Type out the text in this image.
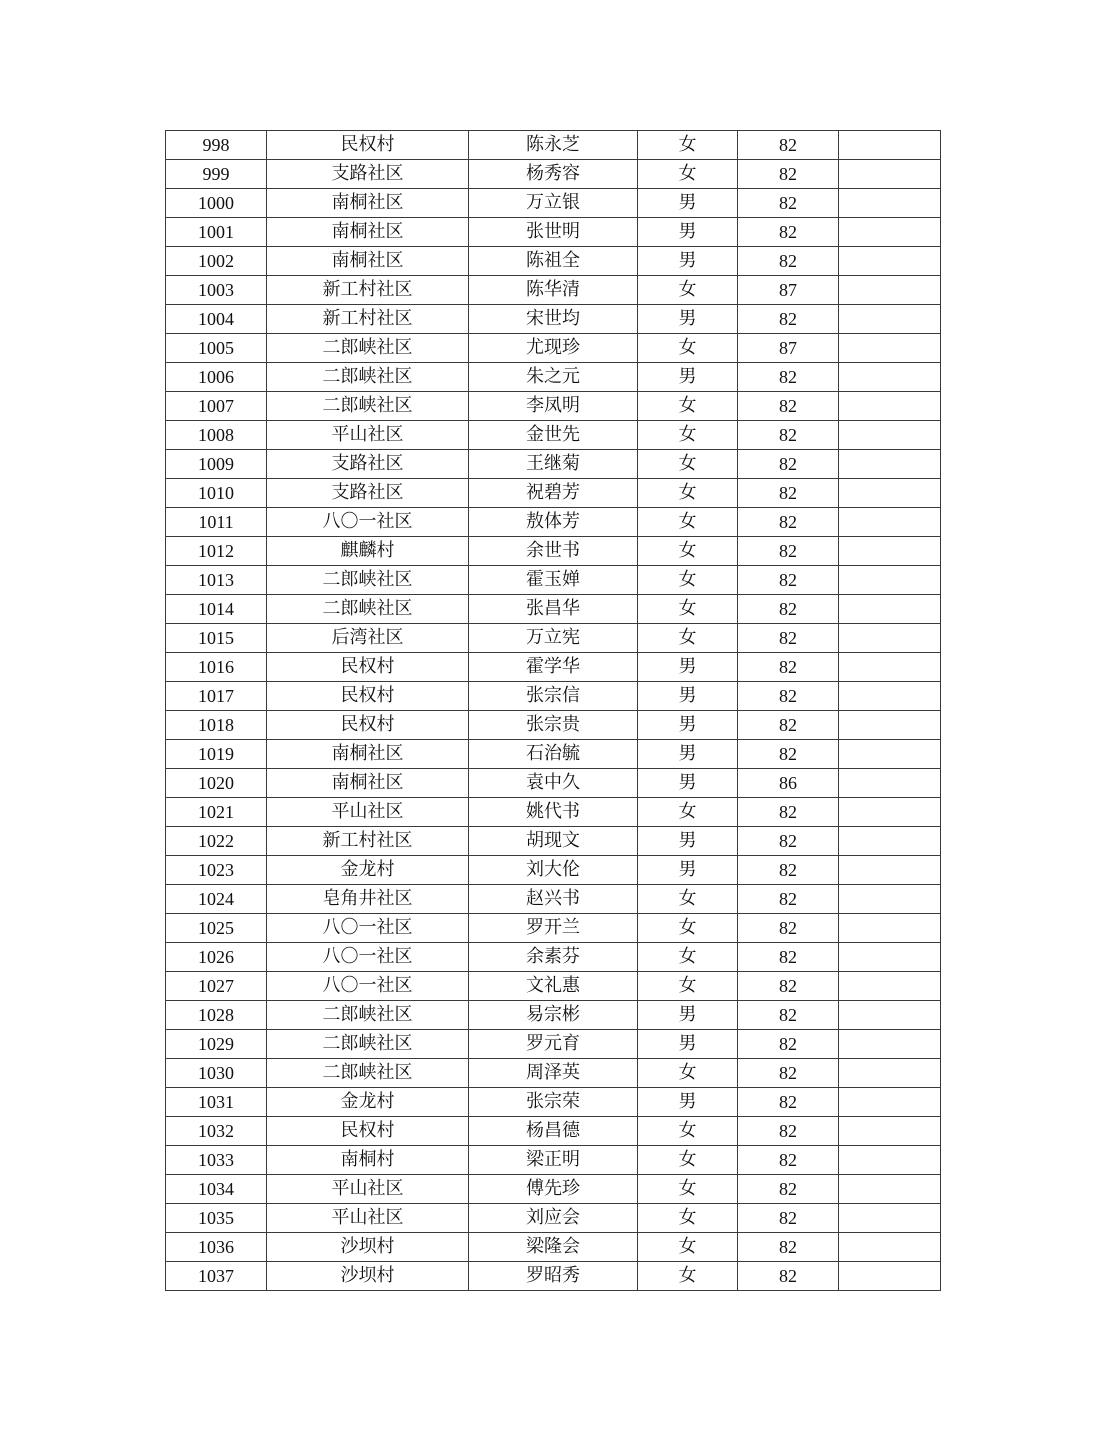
998	民权村	陈永芝	女	82	
999	支路社区	杨秀容	女	82	
1000	南桐社区	万立银	男	82	
1001	南桐社区	张世明	男	82	
1002	南桐社区	陈祖全	男	82	
1003	新工村社区	陈华清	女	87	
1004	新工村社区	宋世均	男	82	
1005	二郎峡社区	尤现珍	女	87	
1006	二郎峡社区	朱之元	男	82	
1007	二郎峡社区	李凤明	女	82	
1008	平山社区	金世先	女	82	
1009	支路社区	王继菊	女	82	
1010	支路社区	祝碧芳	女	82	
1011	八〇一社区	敖体芳	女	82	
1012	麒麟村	余世书	女	82	
1013	二郎峡社区	霍玉婵	女	82	
1014	二郎峡社区	张昌华	女	82	
1015	后湾社区	万立宪	女	82	
1016	民权村	霍学华	男	82	
1017	民权村	张宗信	男	82	
1018	民权村	张宗贵	男	82	
1019	南桐社区	石治毓	男	82	
1020	南桐社区	袁中久	男	86	
1021	平山社区	姚代书	女	82	
1022	新工村社区	胡现文	男	82	
1023	金龙村	刘大伦	男	82	
1024	皂角井社区	赵兴书	女	82	
1025	八〇一社区	罗开兰	女	82	
1026	八〇一社区	余素芬	女	82	
1027	八〇一社区	文礼惠	女	82	
1028	二郎峡社区	易宗彬	男	82	
1029	二郎峡社区	罗元育	男	82	
1030	二郎峡社区	周泽英	女	82	
1031	金龙村	张宗荣	男	82	
1032	民权村	杨昌德	女	82	
1033	南桐村	梁正明	女	82	
1034	平山社区	傅先珍	女	82	
1035	平山社区	刘应会	女	82	
1036	沙坝村	梁隆会	女	82	
1037	沙坝村	罗昭秀	女	82	
